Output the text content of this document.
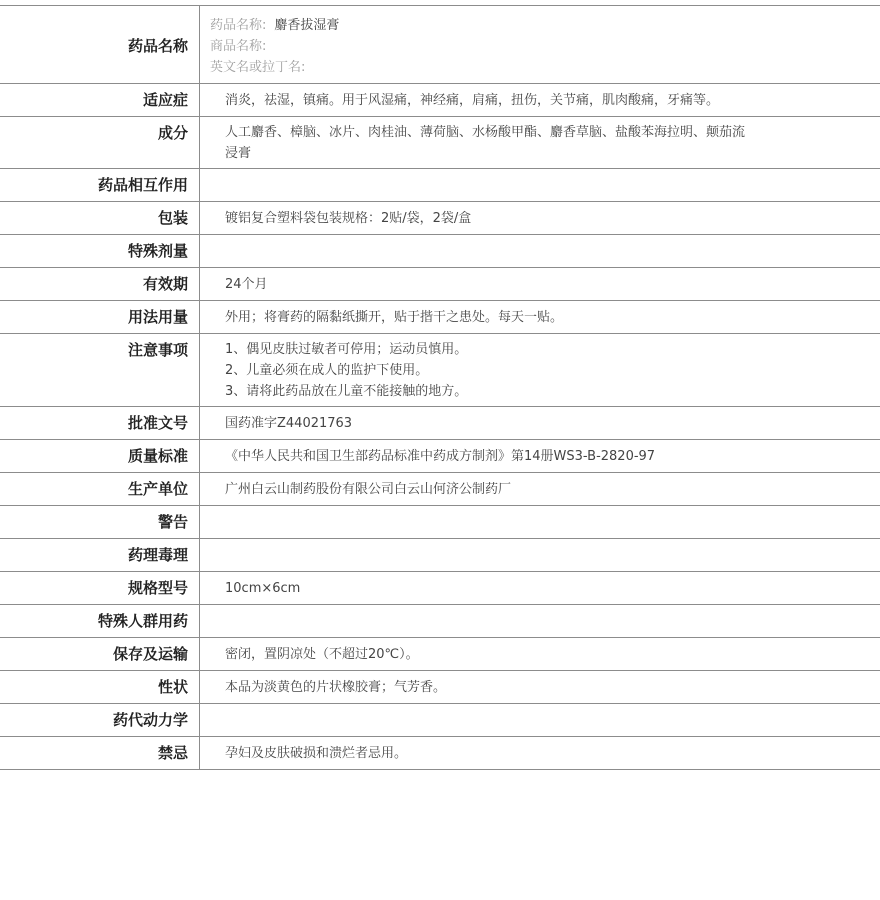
药品名称
药品名称: 麝香拔湿膏
商品名称:
英文名或拉丁名:
适应症	消炎，祛湿，镇痛。用于风湿痛，神经痛，肩痛，扭伤，关节痛，肌肉酸痛，牙痛等。
成分	人工麝香、樟脑、冰片、肉桂油、薄荷脑、水杨酸甲酯、麝香草脑、盐酸苯海拉明、颠茄流
浸膏
药品相互作用
包装	镀铝复合塑料袋包装规格：2贴/袋，2袋/盒
特殊剂量
有效期	24个月
用法用量	外用；将膏药的隔黏纸撕开，贴于揩干之患处。每天一贴。
注意事项	1、偶见皮肤过敏者可停用；运动员慎用。
2、儿童必须在成人的监护下使用。
3、请将此药品放在儿童不能接触的地方。
批准文号	国药准字Z44021763
质量标准	《中华人民共和国卫生部药品标准中药成方制剂》第14册WS3-B-2820-97
生产单位	广州白云山制药股份有限公司白云山何济公制药厂
警告
药理毒理
规格型号	10cm×6cm
特殊人群用药
保存及运输	密闭，置阴凉处（不超过20℃）。
性状	本品为淡黄色的片状橡胶膏；气芳香。
药代动力学
禁忌	孕妇及皮肤破损和溃烂者忌用。
